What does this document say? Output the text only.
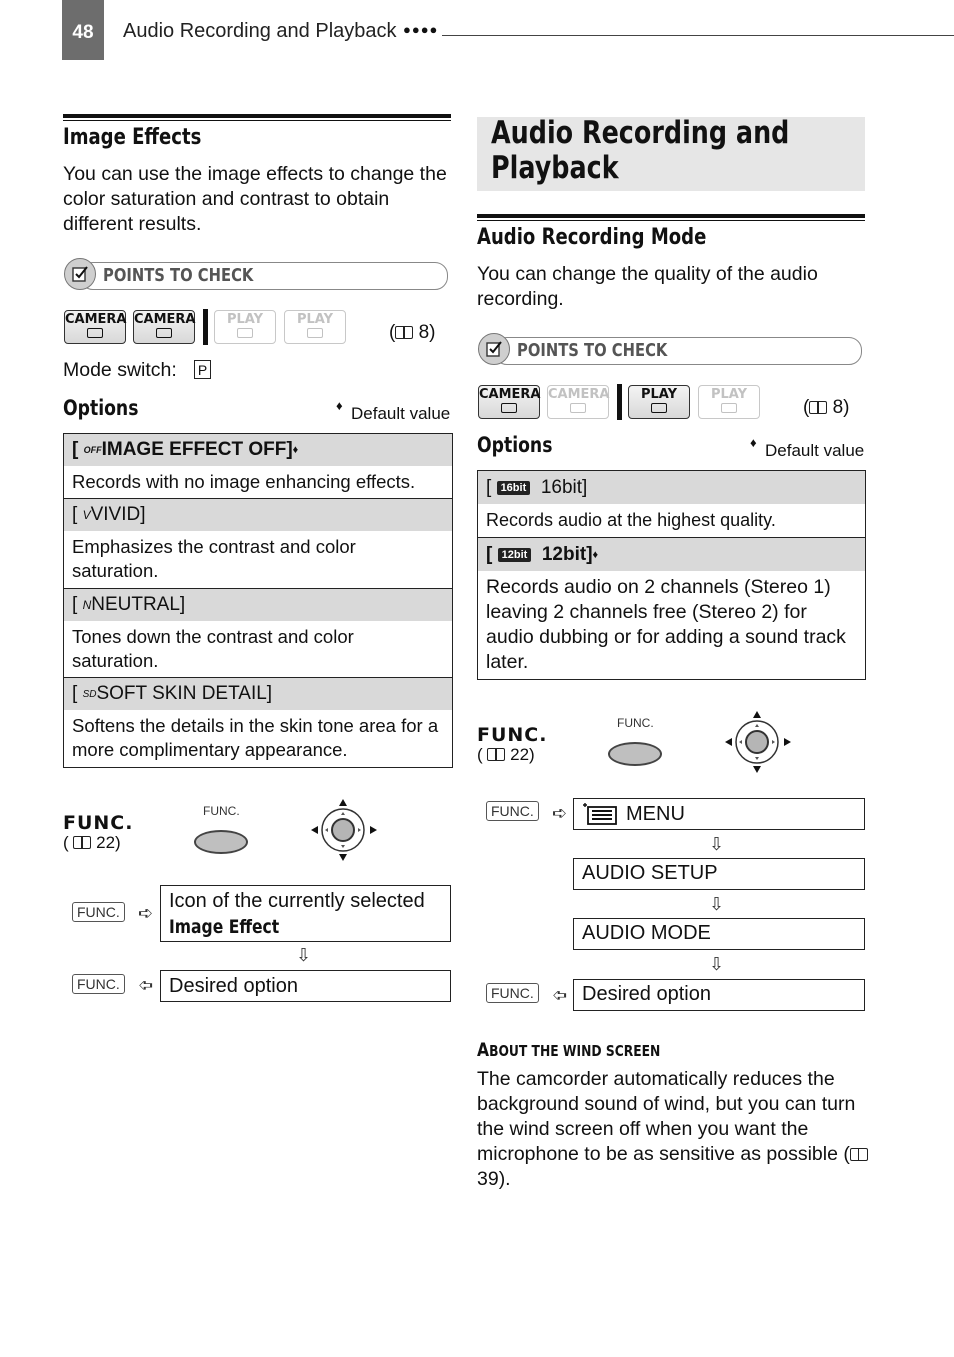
48	Audio Recording and Playback ●●●●
Image Effects
You can use the image effects to change the color saturation and contrast to obtain different results.
POINTS TO CHECK
CAMERA CAMERA	PLAY	PLAY
( 8)
Mode switch: P
Options	♦ Default value
[
OFF IMAGE EFFECT OFF] ♦
Records with no image enhancing effects.
[
V VIVID]
Emphasizes the contrast and color saturation.
[
N NEUTRAL]
Tones down the contrast and color saturation.
[
SD SOFT SKIN DETAIL]
Softens the details in the skin tone area for a more complimentary appearance.
FUNC.
( 22)
FUNC.
FUNC. ➪
Icon of the currently selected
Image Effect
⇩
FUNC. ➪ Desired option
Audio Recording and
Playback
Audio Recording Mode
You can change the quality of the audio recording.
POINTS TO CHECK
CAMERA CAMERA	PLAY	PLAY
( 8)
Options	♦ Default value
[
16bit
16bit]
Records audio at the highest quality.
[
12bit
12bit] ♦
Records audio on 2 channels (Stereo 1) leaving 2 channels free (Stereo 2) for audio dubbing or for adding a sound track later.
FUNC.
( 22)
FUNC.
FUNC. ➪	MENU
⇩
AUDIO SETUP
⇩
AUDIO MODE
⇩
FUNC. ➪ Desired option
ABOUT THE WIND SCREEN
The camcorder automatically reduces the background sound of wind, but you can turn the wind screen off when you want the microphone to be as sensitive as possible ( 39).
